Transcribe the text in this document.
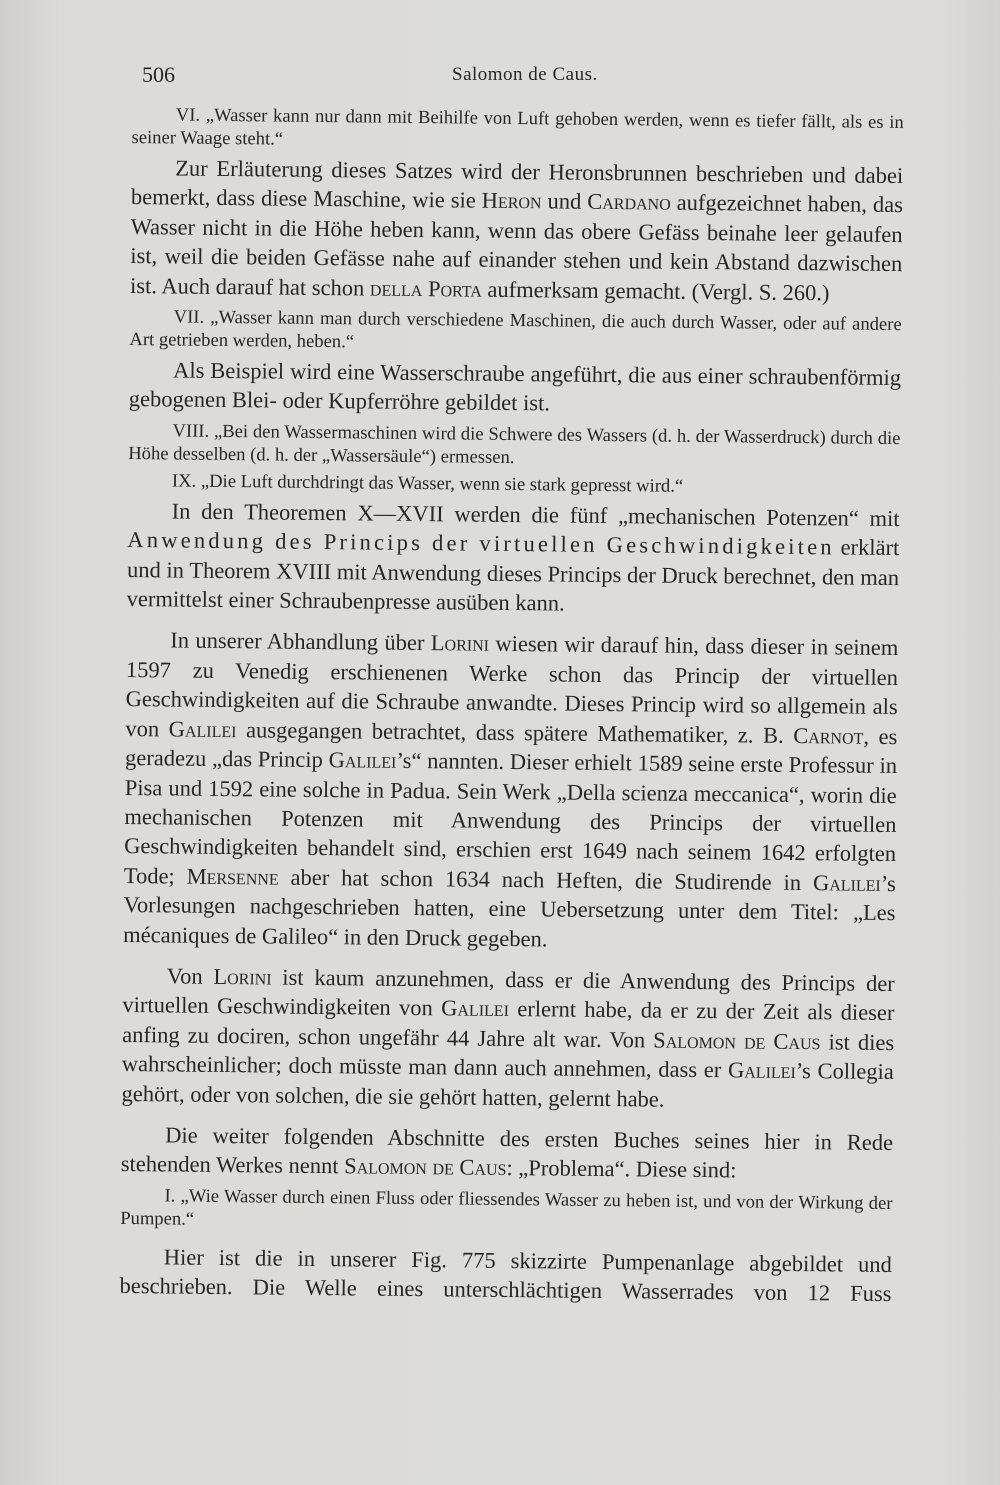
506	Salomon de Caus.

VI. „Wasser kann nur dann mit Beihilfe von Luft gehoben werden, wenn es tiefer fällt, als es in seiner Waage steht.“

Zur Erläuterung dieses Satzes wird der Heronsbrunnen beschrieben und dabei bemerkt, dass diese Maschine, wie sie Heron und Cardano aufgezeichnet haben, das Wasser nicht in die Höhe heben kann, wenn das obere Gefäss beinahe leer gelaufen ist, weil die beiden Gefässe nahe auf einander stehen und kein Abstand dazwischen ist. Auch darauf hat schon della Porta aufmerksam gemacht. (Vergl. S. 260.)

VII. „Wasser kann man durch verschiedene Maschinen, die auch durch Wasser, oder auf andere Art getrieben werden, heben.“

Als Beispiel wird eine Wasserschraube angeführt, die aus einer schraubenförmig gebogenen Blei- oder Kupferröhre gebildet ist.

VIII. „Bei den Wassermaschinen wird die Schwere des Wassers (d. h. der Wasserdruck) durch die Höhe desselben (d. h. der „Wassersäule“) ermessen.

IX. „Die Luft durchdringt das Wasser, wenn sie stark gepresst wird.“

In den Theoremen X—XVII werden die fünf „mechanischen Potenzen“ mit Anwendung des Princips der virtuellen Geschwindigkeiten erklärt und in Theorem XVIII mit Anwendung dieses Princips der Druck berechnet, den man vermittelst einer Schraubenpresse ausüben kann.

In unserer Abhandlung über Lorini wiesen wir darauf hin, dass dieser in seinem 1597 zu Venedig erschienenen Werke schon das Princip der virtuellen Geschwindigkeiten auf die Schraube anwandte. Dieses Princip wird so allgemein als von Galilei ausgegangen betrachtet, dass spätere Mathematiker, z. B. Carnot, es geradezu „das Princip Galilei’s“ nannten. Dieser erhielt 1589 seine erste Professur in Pisa und 1592 eine solche in Padua. Sein Werk „Della scienza meccanica“, worin die mechanischen Potenzen mit Anwendung des Princips der virtuellen Geschwindigkeiten behandelt sind, erschien erst 1649 nach seinem 1642 erfolgten Tode; Mersenne aber hat schon 1634 nach Heften, die Studirende in Galilei’s Vorlesungen nachgeschrieben hatten, eine Uebersetzung unter dem Titel: „Les mécaniques de Galileo“ in den Druck gegeben.

Von Lorini ist kaum anzunehmen, dass er die Anwendung des Princips der virtuellen Geschwindigkeiten von Galilei erlernt habe, da er zu der Zeit als dieser anfing zu dociren, schon ungefähr 44 Jahre alt war. Von Salomon de Caus ist dies wahrscheinlicher; doch müsste man dann auch annehmen, dass er Galilei’s Collegia gehört, oder von solchen, die sie gehört hatten, gelernt habe.

Die weiter folgenden Abschnitte des ersten Buches seines hier in Rede stehenden Werkes nennt Salomon de Caus: „Problema“. Diese sind:

I. „Wie Wasser durch einen Fluss oder fliessendes Wasser zu heben ist, und von der Wirkung der Pumpen.“

Hier ist die in unserer Fig. 775 skizzirte Pumpenanlage abgebildet und beschrieben. Die Welle eines unterschlächtigen Wasserrades von 12 Fuss
